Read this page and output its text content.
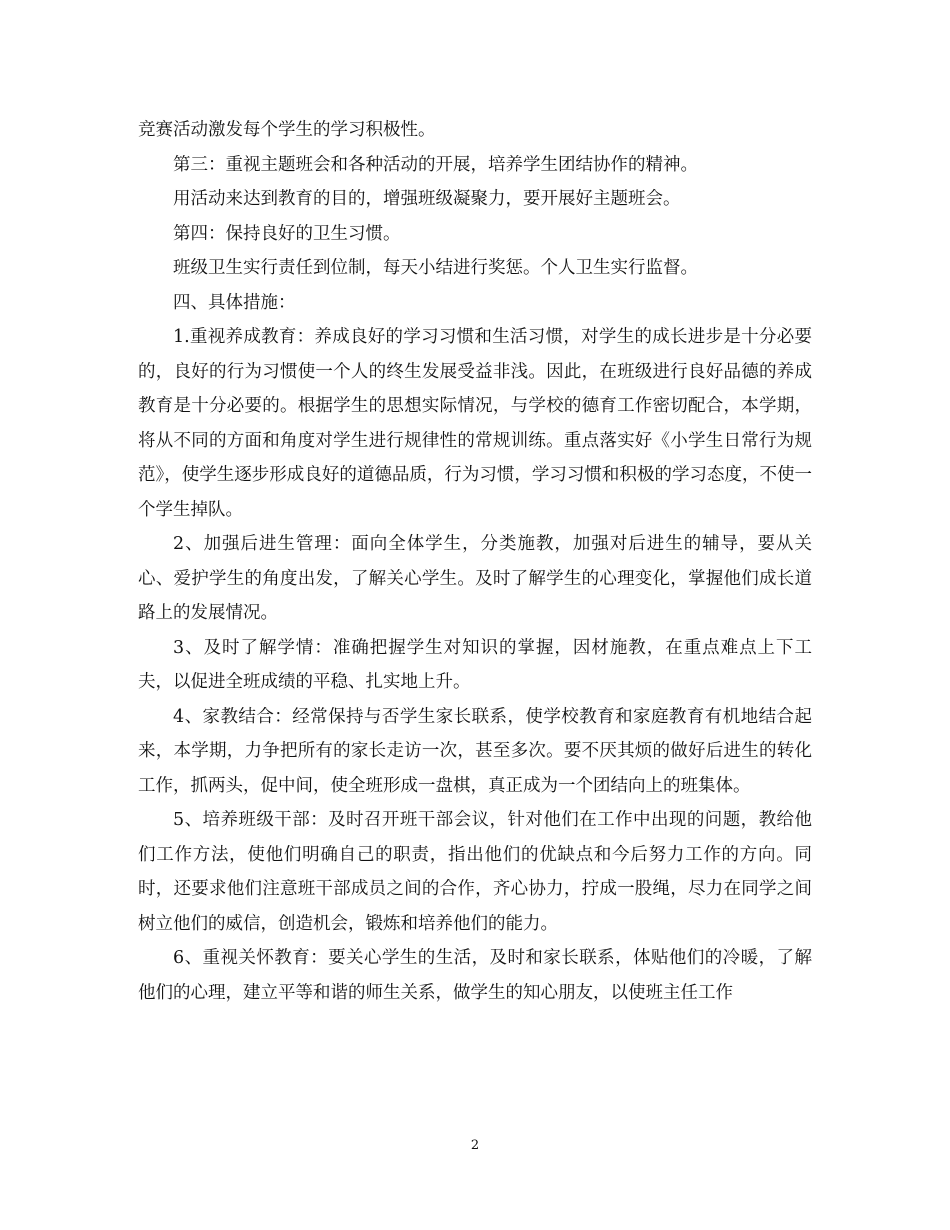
竞赛活动激发每个学生的学习积极性。

第三：重视主题班会和各种活动的开展，培养学生团结协作的精神。

用活动来达到教育的目的，增强班级凝聚力，要开展好主题班会。

第四：保持良好的卫生习惯。

班级卫生实行责任到位制，每天小结进行奖惩。个人卫生实行监督。

四、具体措施：

1.重视养成教育：养成良好的学习习惯和生活习惯，对学生的成长进步是十分必要的，良好的行为习惯使一个人的终生发展受益非浅。因此，在班级进行良好品德的养成教育是十分必要的。根据学生的思想实际情况，与学校的德育工作密切配合，本学期，将从不同的方面和角度对学生进行规律性的常规训练。重点落实好《小学生日常行为规范》，使学生逐步形成良好的道德品质，行为习惯，学习习惯和积极的学习态度，不使一个学生掉队。

2、加强后进生管理：面向全体学生，分类施教，加强对后进生的辅导，要从关心、爱护学生的角度出发，了解关心学生。及时了解学生的心理变化，掌握他们成长道路上的发展情况。

3、及时了解学情：准确把握学生对知识的掌握，因材施教，在重点难点上下工夫，以促进全班成绩的平稳、扎实地上升。

4、家教结合：经常保持与否学生家长联系，使学校教育和家庭教育有机地结合起来，本学期，力争把所有的家长走访一次，甚至多次。要不厌其烦的做好后进生的转化工作，抓两头，促中间，使全班形成一盘棋，真正成为一个团结向上的班集体。

5、培养班级干部：及时召开班干部会议，针对他们在工作中出现的问题，教给他们工作方法，使他们明确自己的职责，指出他们的优缺点和今后努力工作的方向。同时，还要求他们注意班干部成员之间的合作，齐心协力，拧成一股绳，尽力在同学之间树立他们的威信，创造机会，锻炼和培养他们的能力。

6、重视关怀教育：要关心学生的生活，及时和家长联系，体贴他们的冷暖，了解他们的心理，建立平等和谐的师生关系，做学生的知心朋友，以使班主任工作

2
